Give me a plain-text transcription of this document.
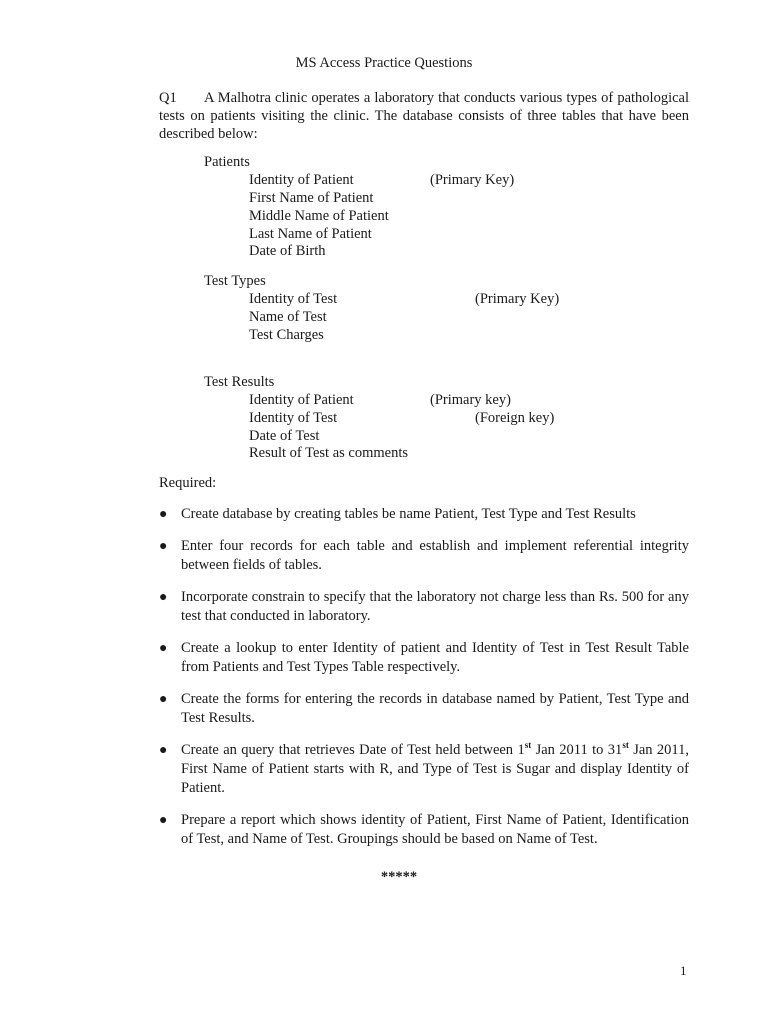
MS Access Practice Questions
Q1 A Malhotra clinic operates a laboratory that conducts various types of pathological tests on patients visiting the clinic. The database consists of three tables that have been described below:
Patients
Identity of Patient	(Primary Key)
First Name of Patient
Middle Name of Patient
Last Name of Patient
Date of Birth
Test Types
Identity of Test	(Primary Key)
Name of Test
Test Charges
Test Results
Identity of Patient	(Primary key)
Identity of Test	(Foreign key)
Date of Test
Result of Test as comments
Required:
● Create database by creating tables be name Patient, Test Type and Test Results
● Enter four records for each table and establish and implement referential integrity between fields of tables.
● Incorporate constrain to specify that the laboratory not charge less than Rs. 500 for any test that conducted in laboratory.
● Create a lookup to enter Identity of patient and Identity of Test in Test Result Table from Patients and Test Types Table respectively.
● Create the forms for entering the records in database named by Patient, Test Type and Test Results.
● Create an query that retrieves Date of Test held between 1st Jan 2011 to 31st Jan 2011, First Name of Patient starts with R, and Type of Test is Sugar and display Identity of Patient.
● Prepare a report which shows identity of Patient, First Name of Patient, Identification of Test, and Name of Test. Groupings should be based on Name of Test.
*****
1
